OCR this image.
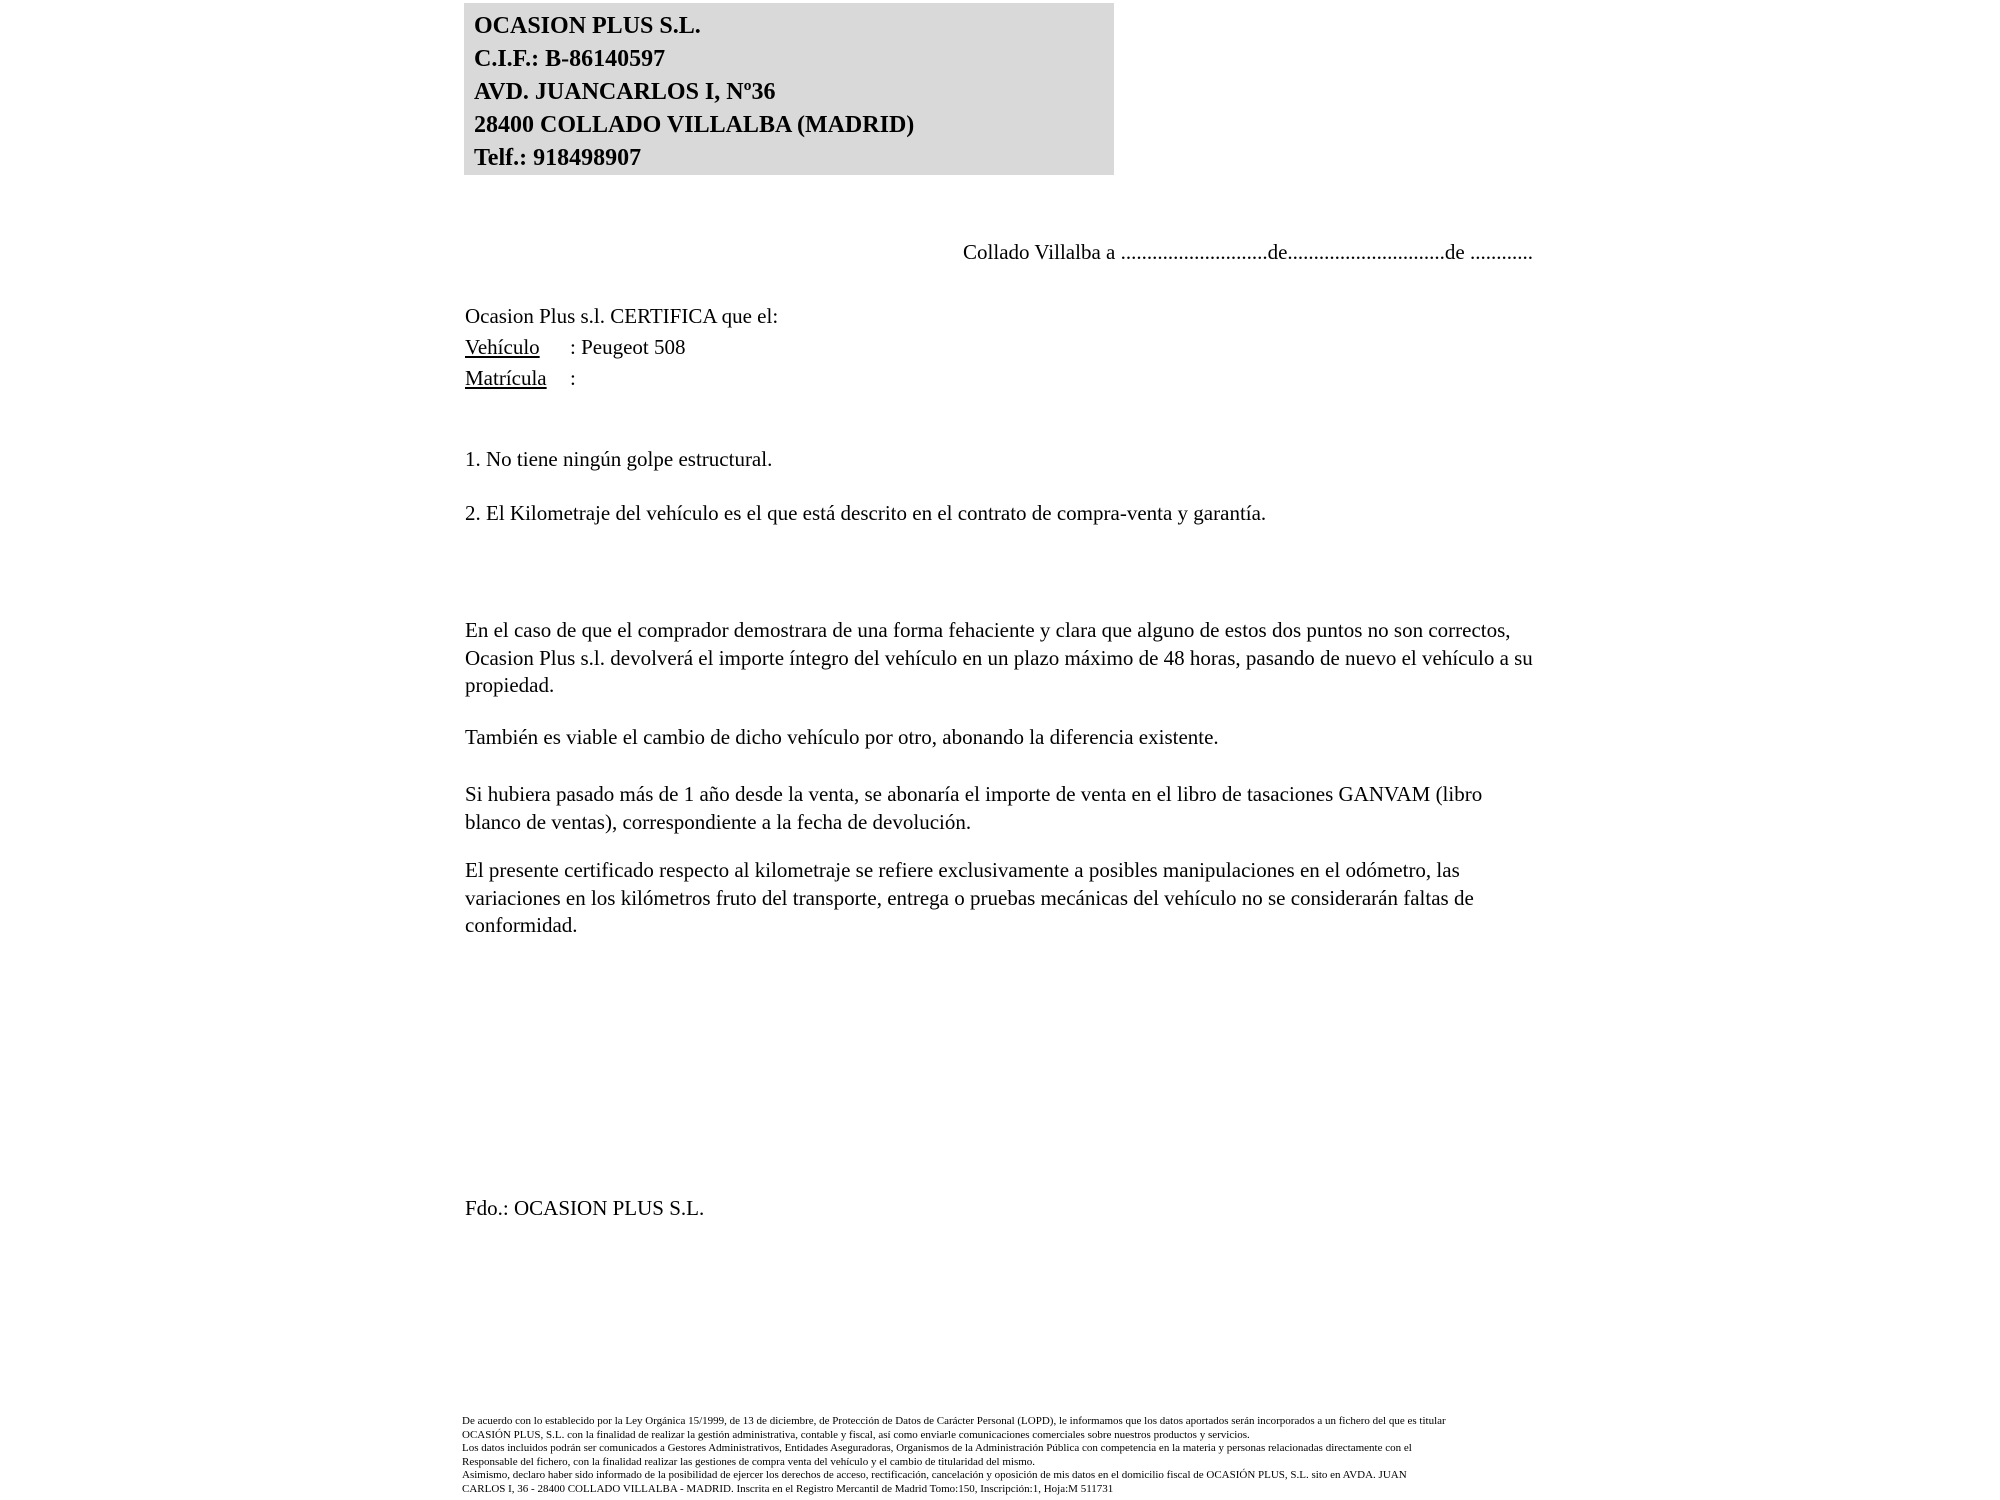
OCASION PLUS S.L.
C.I.F.: B-86140597
AVD. JUANCARLOS I, Nº36
28400 COLLADO VILLALBA (MADRID)
Telf.: 918498907
Collado Villalba a ............................de..............................de ............
Ocasion Plus s.l. CERTIFICA que el:
Vehículo : Peugeot 508
Matrícula :
1. No tiene ningún golpe estructural.
2. El Kilometraje del vehículo es el que está descrito en el contrato de compra-venta y garantía.
En el caso de que el comprador demostrara de una forma fehaciente y clara que alguno de estos dos puntos no son correctos, Ocasion Plus s.l. devolverá el importe íntegro del vehículo en un plazo máximo de 48 horas, pasando de nuevo el vehículo a su propiedad.
También es viable el cambio de dicho vehículo por otro, abonando la diferencia existente.
Si hubiera pasado más de 1 año desde la venta, se abonaría el importe de venta en el libro de tasaciones GANVAM (libro blanco de ventas), correspondiente a la fecha de devolución.
El presente certificado respecto al kilometraje se refiere exclusivamente a posibles manipulaciones en el odómetro, las variaciones en los kilómetros fruto del transporte, entrega o pruebas mecánicas del vehículo no se considerarán faltas de conformidad.
Fdo.: OCASION PLUS S.L.
De acuerdo con lo establecido por la Ley Orgánica 15/1999, de 13 de diciembre, de Protección de Datos de Carácter Personal (LOPD), le informamos que los datos aportados serán incorporados a un fichero del que es titular
OCASIÓN PLUS, S.L. con la finalidad de realizar la gestión administrativa, contable y fiscal, así como enviarle comunicaciones comerciales sobre nuestros productos y servicios.
Los datos incluidos podrán ser comunicados a Gestores Administrativos, Entidades Aseguradoras, Organismos de la Administración Pública con competencia en la materia y personas relacionadas directamente con el
Responsable del fichero, con la finalidad realizar las gestiones de compra venta del vehículo y el cambio de titularidad del mismo.
Asimismo, declaro haber sido informado de la posibilidad de ejercer los derechos de acceso, rectificación, cancelación y oposición de mis datos en el domicilio fiscal de OCASIÓN PLUS, S.L. sito en AVDA. JUAN
CARLOS I, 36 - 28400 COLLADO VILLALBA - MADRID. Inscrita en el Registro Mercantil de Madrid Tomo:150, Inscripción:1, Hoja:M 511731
